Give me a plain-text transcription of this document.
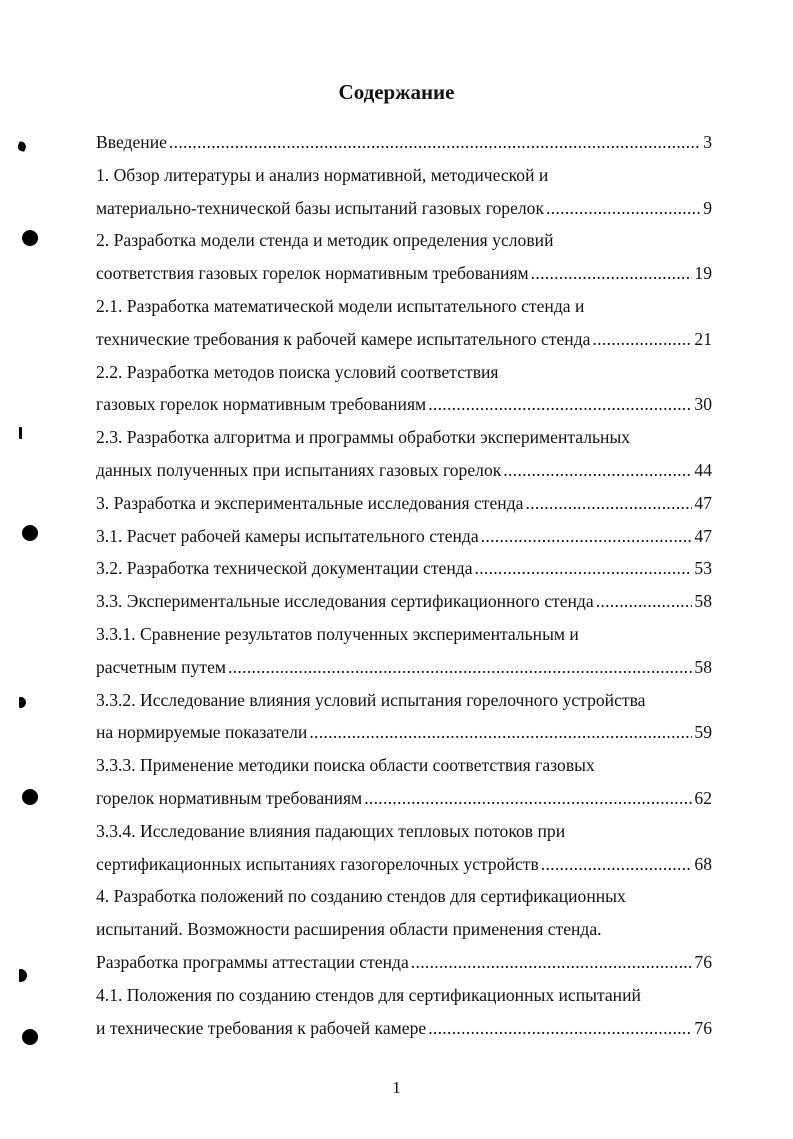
Содержание
Введение .....	3
1. Обзор литературы и анализ нормативной, методической и
материально-технической базы испытаний газовых горелок .....	9
2. Разработка модели стенда и методик определения условий
соответствия газовых горелок нормативным требованиям .....	19
2.1. Разработка математической модели испытательного стенда и
технические требования к рабочей камере испытательного стенда .....	21
2.2. Разработка методов поиска условий соответствия
газовых горелок нормативным требованиям .....	30
2.3. Разработка алгоритма и программы обработки экспериментальных
данных полученных при испытаниях газовых горелок .....	44
3. Разработка и экспериментальные исследования стенда .....	47
3.1. Расчет рабочей камеры испытательного стенда .....	47
3.2. Разработка технической документации стенда .....	53
3.3. Экспериментальные исследования сертификационного стенда .....	58
3.3.1. Сравнение результатов полученных экспериментальным и
расчетным путем .....	58
3.3.2. Исследование влияния условий испытания горелочного устройства
на нормируемые показатели .....	59
3.3.3. Применение методики поиска области соответствия газовых
горелок нормативным требованиям .....	62
3.3.4. Исследование влияния падающих тепловых потоков при
сертификационных испытаниях газогорелочных устройств .....	68
4. Разработка положений по созданию стендов для сертификационных
испытаний. Возможности расширения области применения стенда.
Разработка программы аттестации стенда .....	76
4.1. Положения по созданию стендов для сертификационных испытаний
и технические требования к рабочей камере .....	76
1
